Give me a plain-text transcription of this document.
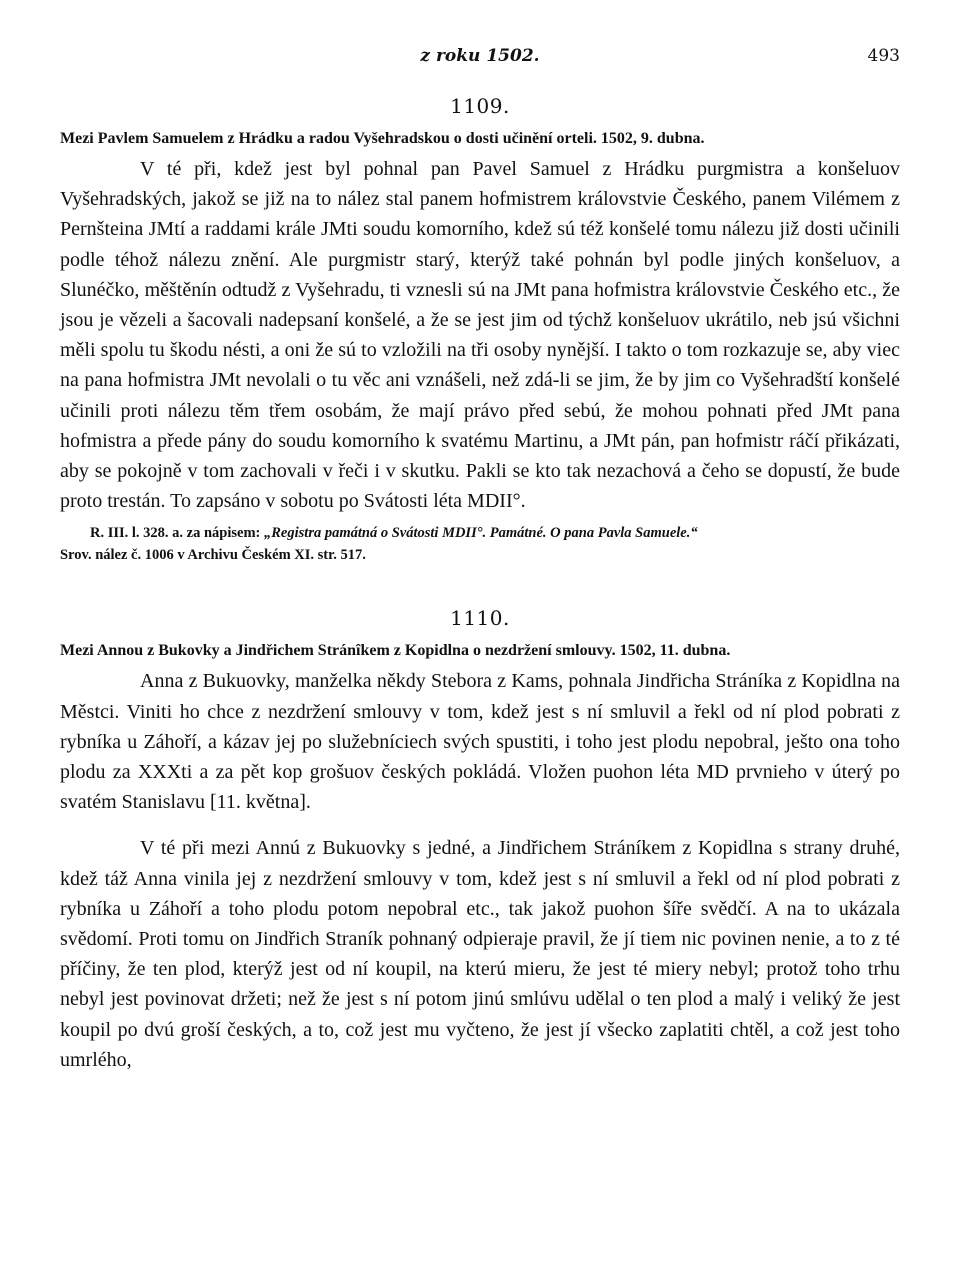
z roku 1502.	493
1109.
Mezi Pavlem Samuelem z Hrádku a radou Vyšehradskou o dosti učinění orteli. 1502, 9. dubna.

V té při, kdež jest byl pohnal pan Pavel Samuel z Hrádku purgmistra a konšeluov Vyšehradských, jakož se již na to nález stal panem hofmistrem královstvie Českého, panem Vilémem z Pernšteina JMtí a raddami krále JMti soudu komorního, kdež sú též konšelé tomu nálezu již dosti učinili podle téhož nálezu znění. Ale purgmistr starý, kterýž také pohnán byl podle jiných konšeluov, a Slunéčko, měštěnín odtudž z Vyšehradu, ti vznesli sú na JMt pana hofmistra královstvie Českého etc., že jsou je vězeli a šacovali nadepsaní konšelé, a že se jest jim od týchž konšeluov ukrátilo, neb jsú všichni měli spolu tu škodu nésti, a oni že sú to vzložili na tři osoby nynější. I takto o tom rozkazuje se, aby viec na pana hofmistra JMt nevolali o tu věc ani vznášeli, než zdá-li se jim, že by jim co Vyšehradští konšelé učinili proti nálezu těm třem osobám, že mají právo před sebú, že mohou pohnati před JMt pana hofmistra a přede pány do soudu komorního k svatému Martinu, a JMt pán, pan hofmistr ráčí přikázati, aby se pokojně v tom zachovali v řeči i v skutku. Pakli se kto tak nezachová a čeho se dopustí, že bude proto trestán. To zapsáno v sobotu po Svátosti léta MDII°.

R. III. l. 328. a. za nápisem: „Registra památná o Svátosti MDII°. Památné. O pana Pavla Samuele.“
Srov. nález č. 1006 v Archivu Českém XI. str. 517.
1110.
Mezi Annou z Bukovky a Jindřichem Stránîkem z Kopidlna o nezdržení smlouvy. 1502, 11. dubna.

Anna z Bukuovky, manželka někdy Stebora z Kams, pohnala Jindřicha Stráníka z Kopidlna na Městci. Viniti ho chce z nezdržení smlouvy v tom, kdež jest s ní smluvil a řekl od ní plod pobrati z rybníka u Záhoří, a kázav jej po služebníciech svých spustiti, i toho jest plodu nepobral, ješto ona toho plodu za XXXti a za pět kop grošuov českých pokládá. Vložen puohon léta MD prvnieho v úterý po svatém Stanislavu [11. května].

V té při mezi Annú z Bukuovky s jedné, a Jindřichem Stráníkem z Kopidlna s strany druhé, kdež táž Anna vinila jej z nezdržení smlouvy v tom, kdež jest s ní smluvil a řekl od ní plod pobrati z rybníka u Záhoří a toho plodu potom nepobral etc., tak jakož puohon šíře svědčí. A na to ukázala svědomí. Proti tomu on Jindřich Straník pohnaný odpieraje pravil, že jí tiem nic povinen nenie, a to z té příčiny, že ten plod, kterýž jest od ní koupil, na kterú mieru, že jest té miery nebyl; protož toho trhu nebyl jest povinovat držeti; než že jest s ní potom jinú smlúvu udělal o ten plod a malý i veliký že jest koupil po dvú groší českých, a to, což jest mu vyčteno, že jest jí všecko zaplatiti chtěl, a což jest toho umrlého,
